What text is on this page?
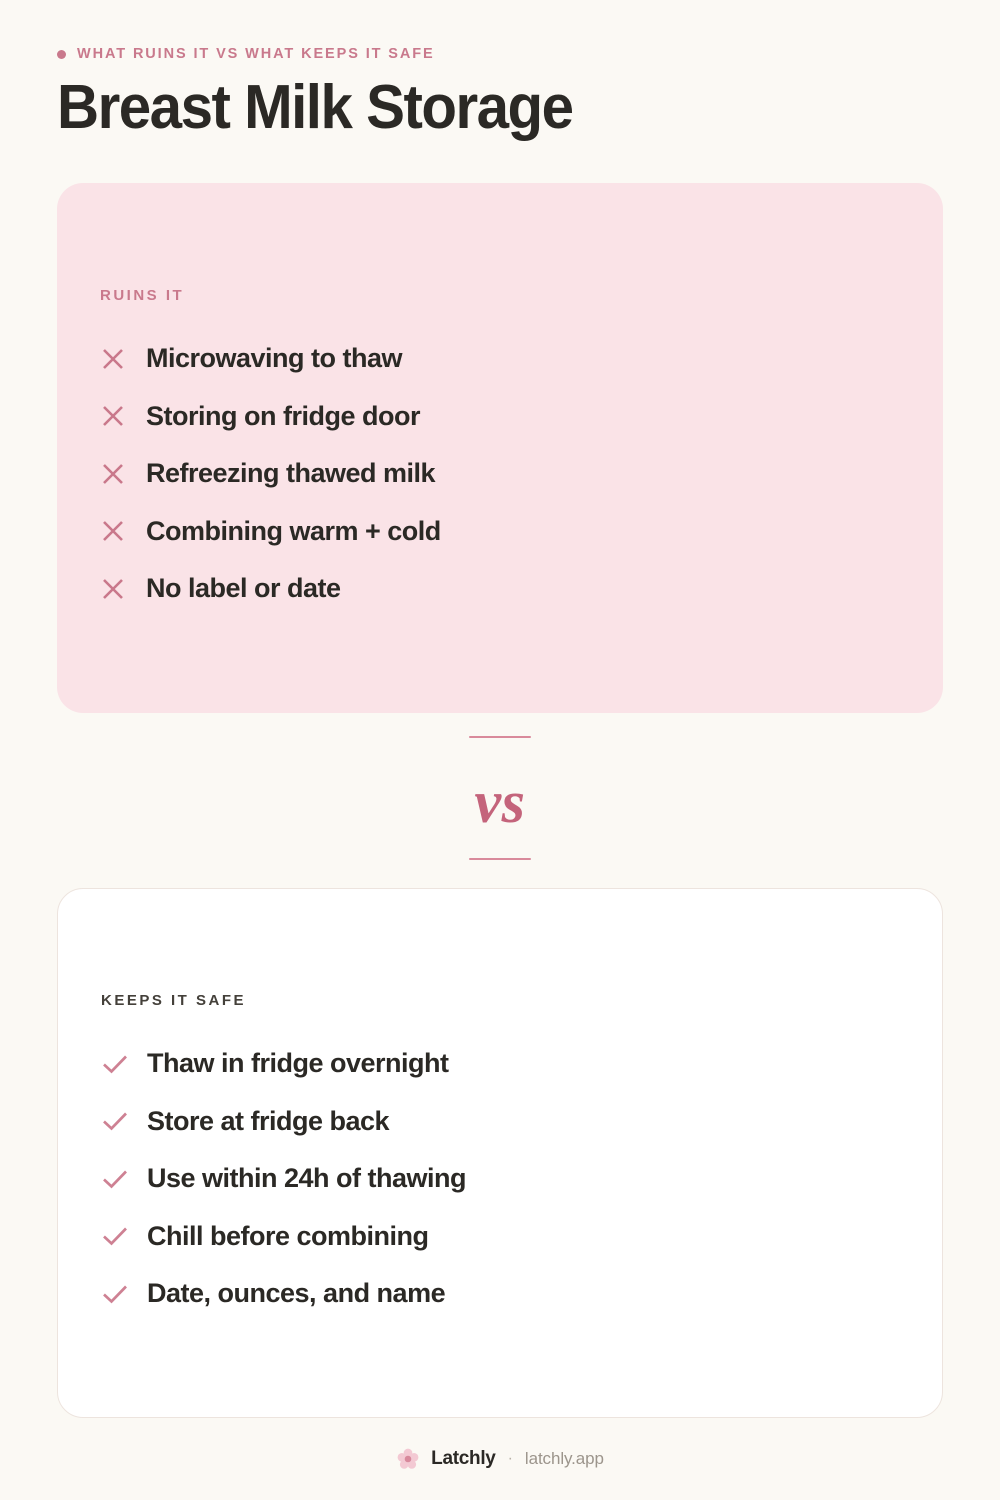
WHAT RUINS IT VS WHAT KEEPS IT SAFE
Breast Milk Storage
RUINS IT
Microwaving to thaw
Storing on fridge door
Refreezing thawed milk
Combining warm + cold
No label or date
vs
KEEPS IT SAFE
Thaw in fridge overnight
Store at fridge back
Use within 24h of thawing
Chill before combining
Date, ounces, and name
Latchly · latchly.app
